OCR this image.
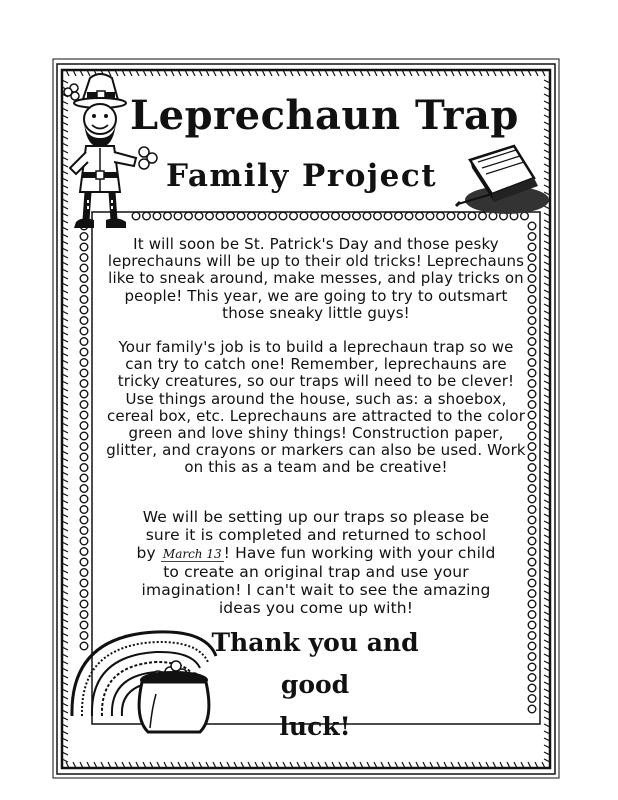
Leprechaun Trap
Family Project
It will soon be St. Patrick's Day and those pesky leprechauns will be up to their old tricks! Leprechauns like to sneak around, make messes, and play tricks on people! This year, we are going to try to outsmart those sneaky little guys!
Your family's job is to build a leprechaun trap so we can try to catch one! Remember, leprechauns are tricky creatures, so our traps will need to be clever! Use things around the house, such as: a shoebox, cereal box, etc. Leprechauns are attracted to the color green and love shiny things! Construction paper, glitter, and crayons or markers can also be used. Work on this as a team and be creative!
We will be setting up our traps so please be
sure it is completed and returned to school
by March 13 ! Have fun working with your child
to create an original trap and use your
imagination! I can't wait to see the amazing
ideas you come up with!
Thank you and good
luck!
